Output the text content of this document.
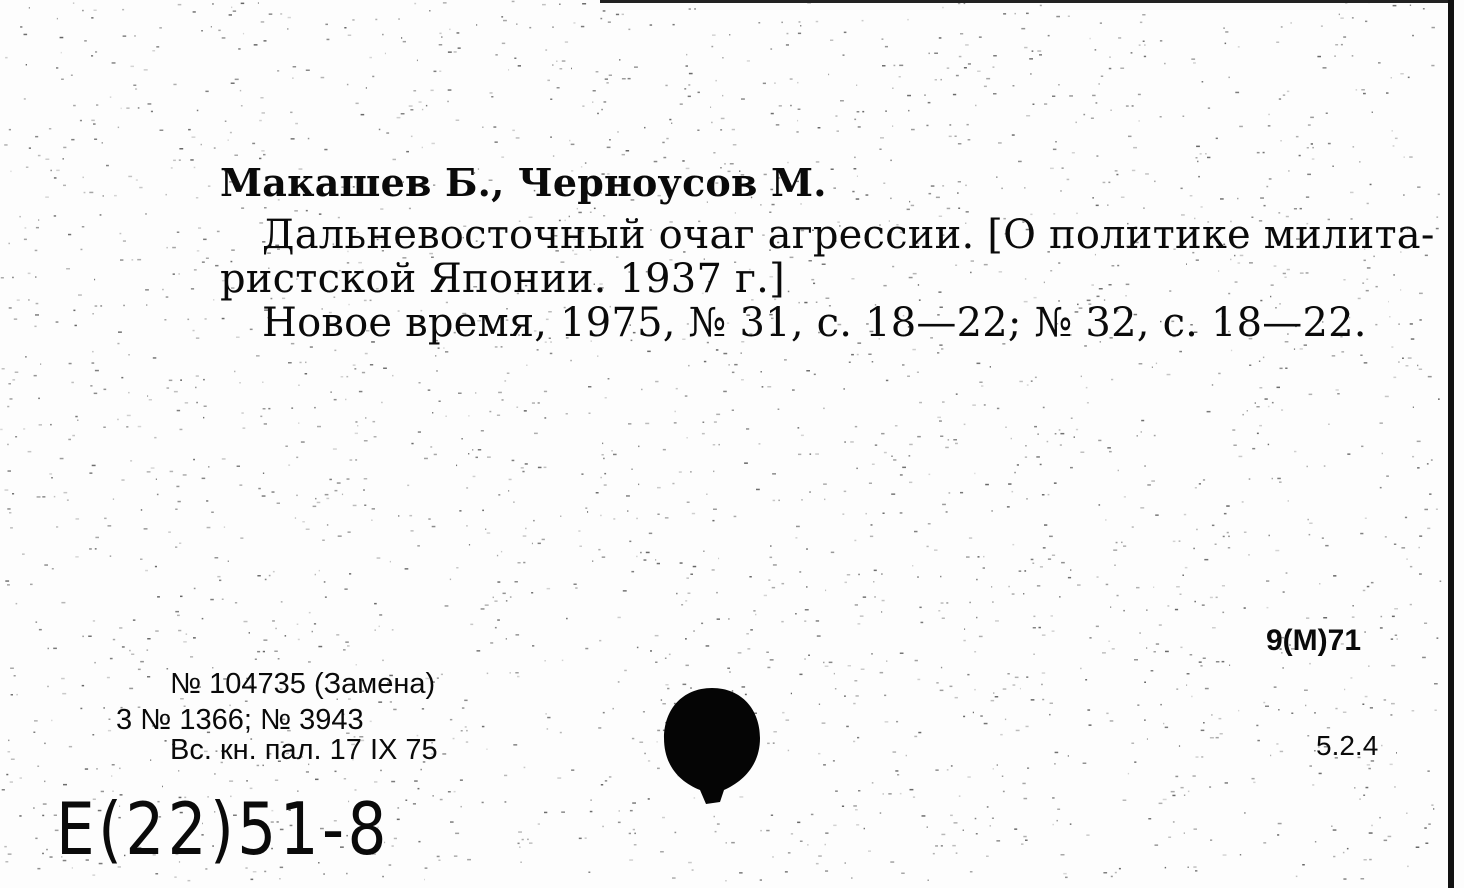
Макашев Б., Черноусов М.
Дальневосточный очаг агрессии. [О политике милита-
ристской Японии. 1937 г.]
Новое время, 1975, № 31, с. 18—22; № 32, с. 18—22.
№ 104735 (Замена)
3 № 1366; № 3943
Вс. кн. пал. 17 IX 75
9(М)71
5.2.4
E(22)51-8
